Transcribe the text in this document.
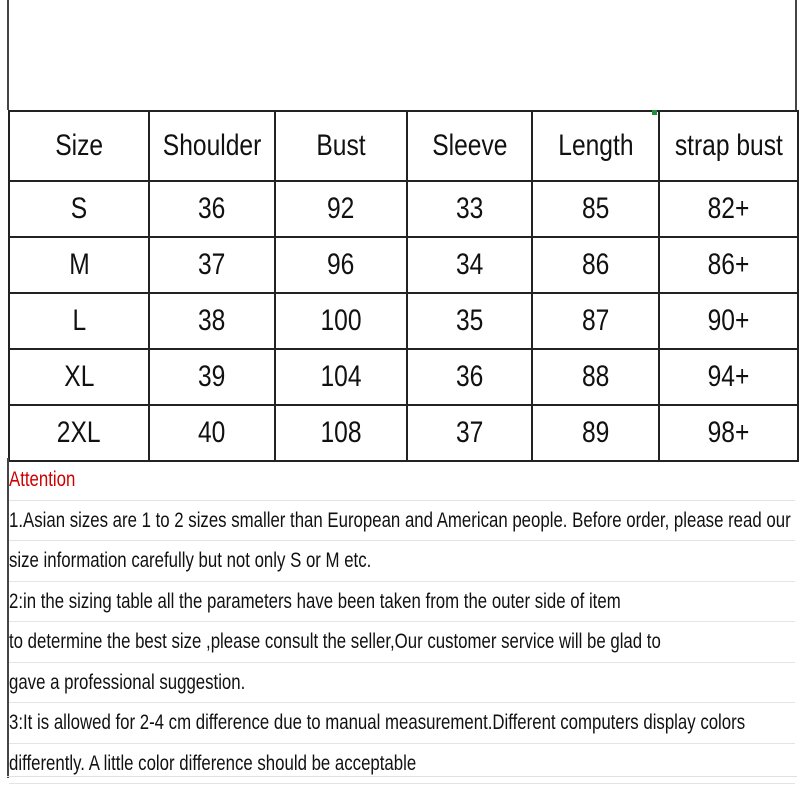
Size	Shoulder	Bust	Sleeve	Length	strap bust
S	36	92	33	85	82+
M	37	96	34	86	86+
L	38	100	35	87	90+
XL	39	104	36	88	94+
2XL	40	108	37	89	98+
Attention
1.Asian sizes are 1 to 2 sizes smaller than European and American people. Before order, please read our
size information carefully but not only S or M etc.
2:in the sizing table all the parameters have been taken from the outer side of item
to determine the best size ,please consult the seller,Our customer service will be glad to
gave a professional suggestion.
3:It is allowed for 2-4 cm difference due to manual measurement.Different computers display colors
differently. A little color difference should be acceptable
